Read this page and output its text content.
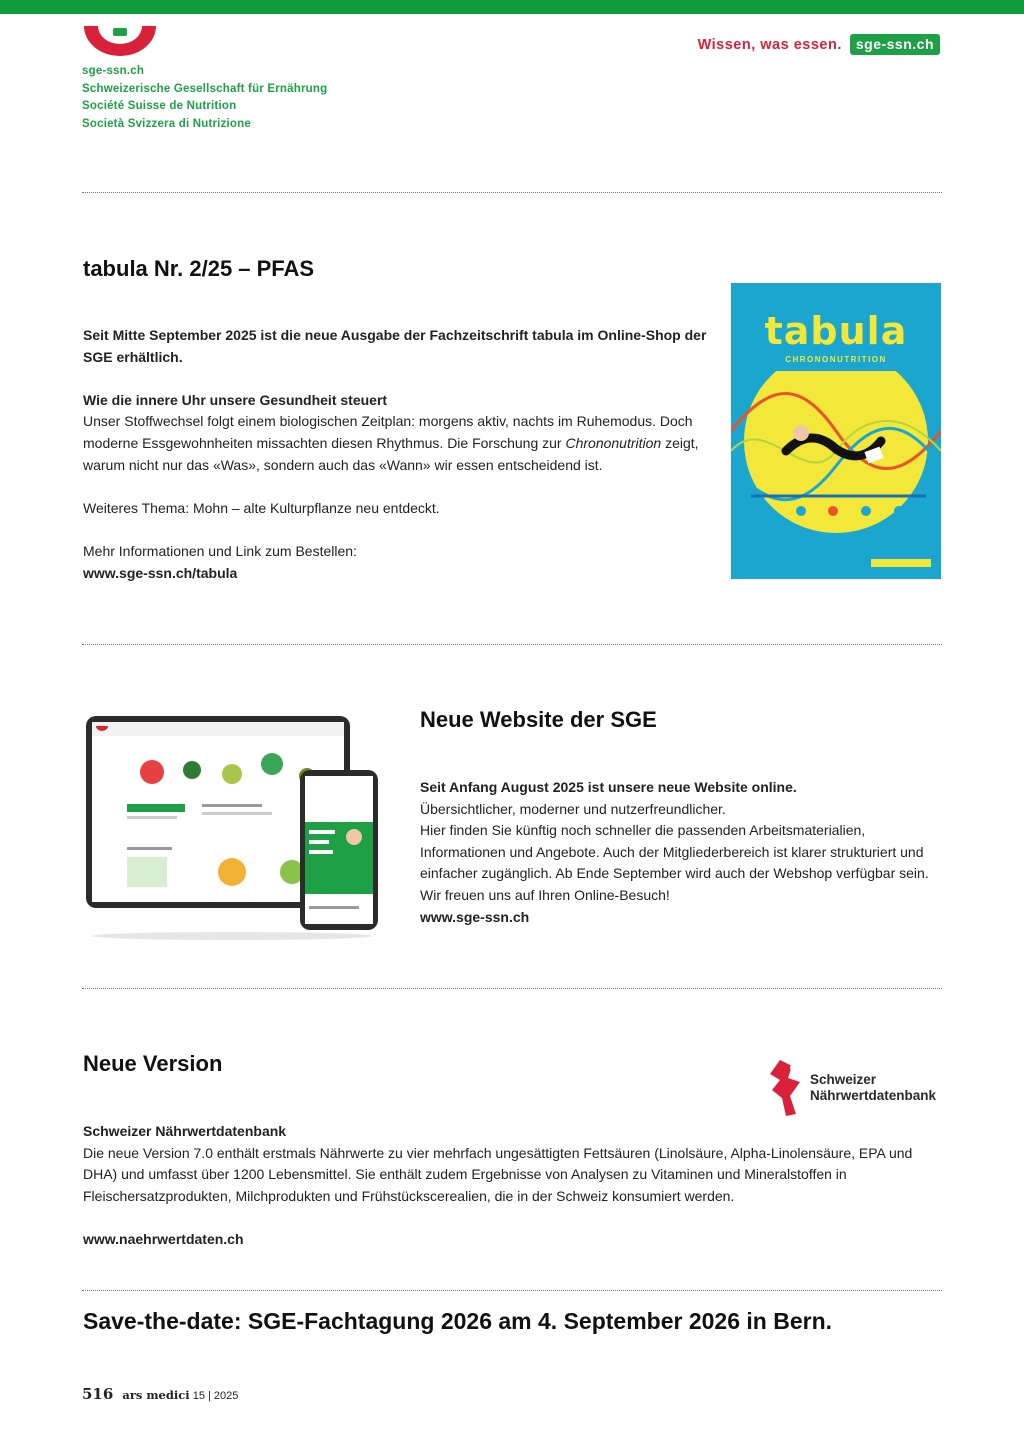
sge-ssn.ch
Schweizerische Gesellschaft für Ernährung
Société Suisse de Nutrition
Società Svizzera di Nutrizione
Wissen, was essen.	sge-ssn.ch
tabula Nr. 2/25 – PFAS

Seit Mitte September 2025 ist die neue Ausgabe der Fachzeitschrift tabula im Online-Shop der SGE erhältlich.

Wie die innere Uhr unsere Gesundheit steuert

Unser Stoffwechsel folgt einem biologischen Zeitplan: morgens aktiv, nachts im Ruhemodus. Doch moderne Essgewohnheiten missachten diesen Rhythmus. Die Forschung zur Chrononutrition zeigt, warum nicht nur das «Was», sondern auch das «Wann» wir essen entscheidend ist.

Weiteres Thema: Mohn – alte Kulturpflanze neu entdeckt.

Mehr Informationen und Link zum Bestellen:

www.sge-ssn.ch/tabula

tabula
CHRONONUTRITION
Neue Website der SGE

Seit Anfang August 2025 ist unsere neue Website online.

Übersichtlicher, moderner und nutzerfreundlicher.

Hier finden Sie künftig noch schneller die passenden Arbeitsmaterialien, Informationen und Angebote. Auch der Mitgliederbereich ist klarer strukturiert und einfacher zugänglich. Ab Ende September wird auch der Webshop verfügbar sein.

Wir freuen uns auf Ihren Online-Besuch!

www.sge-ssn.ch

Neue Version
Schweizer
Nährwertdatenbank

Schweizer Nährwertdatenbank

Die neue Version 7.0 enthält erstmals Nährwerte zu vier mehrfach ungesättigten Fettsäuren (Linolsäure, Alpha-Linolensäure, EPA und DHA) und umfasst über 1200 Lebensmittel. Sie enthält zudem Ergebnisse von Analysen zu Vitaminen und Mineralstoffen in Fleischersatzprodukten, Milchprodukten und Frühstückscerealien, die in der Schweiz konsumiert werden.

www.naehrwertdaten.ch

Save-the-date: SGE-Fachtagung 2026 am 4. September 2026 in Bern.
516 ars medici 15 | 2025
